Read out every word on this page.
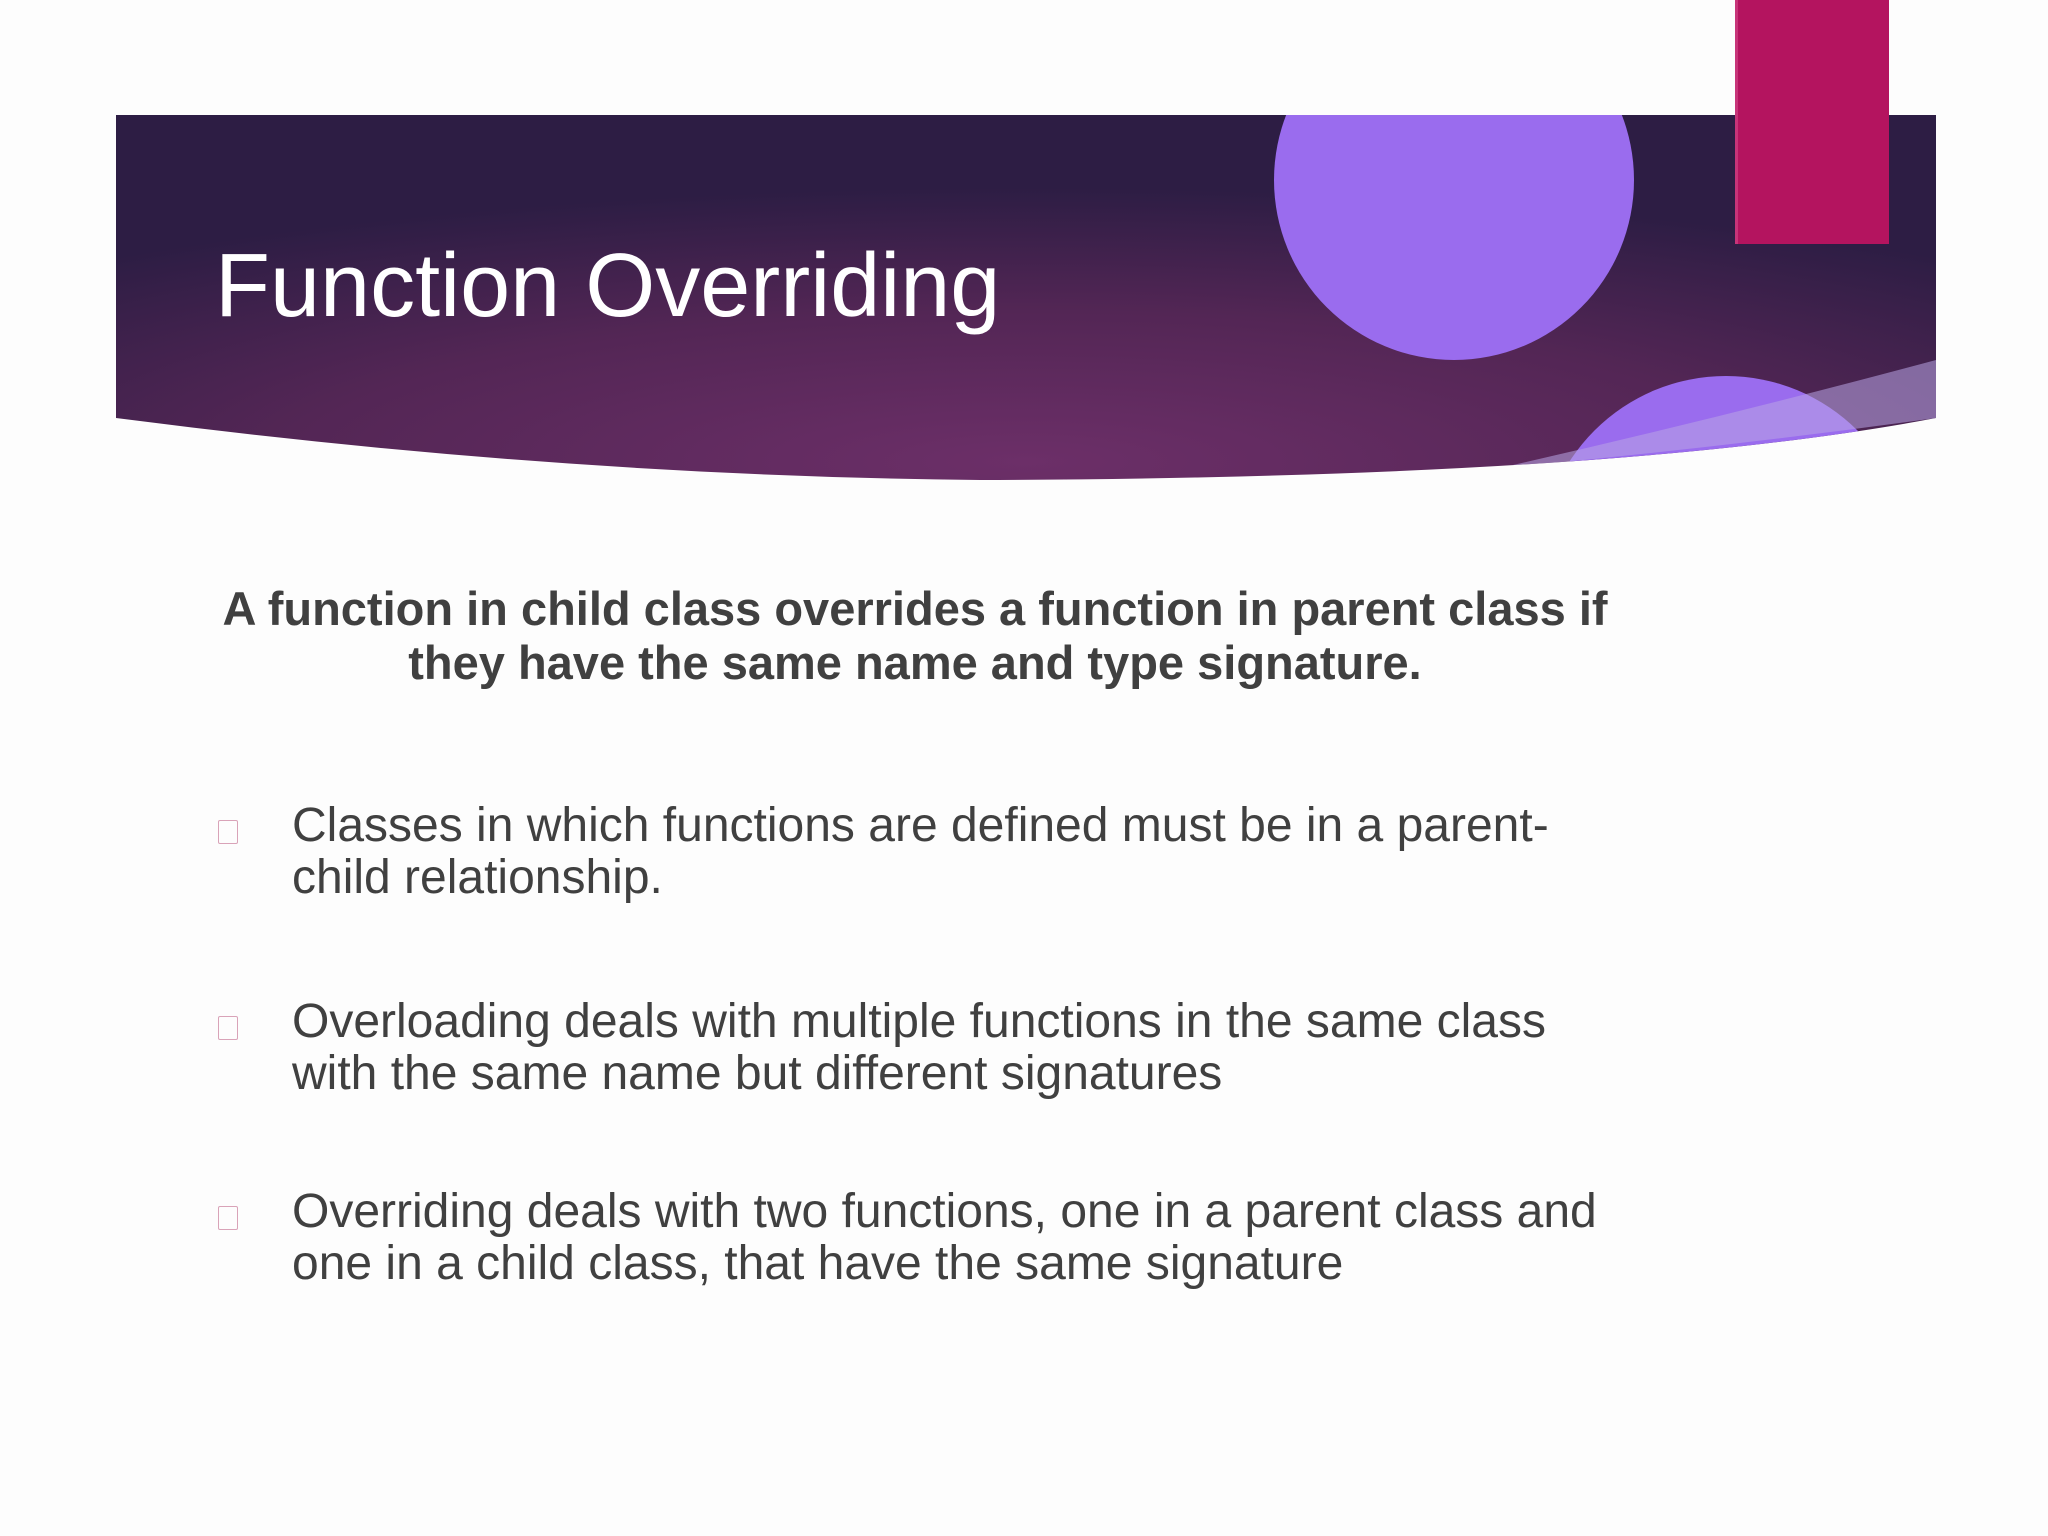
Function Overriding

A function in child class overrides a function in parent class if they have the same name and type signature.

Classes in which functions are defined must be in a parent-child relationship.
Overloading deals with multiple functions in the same class with the same name but different signatures
Overriding deals with two functions, one in a parent class and one in a child class, that have the same signature
